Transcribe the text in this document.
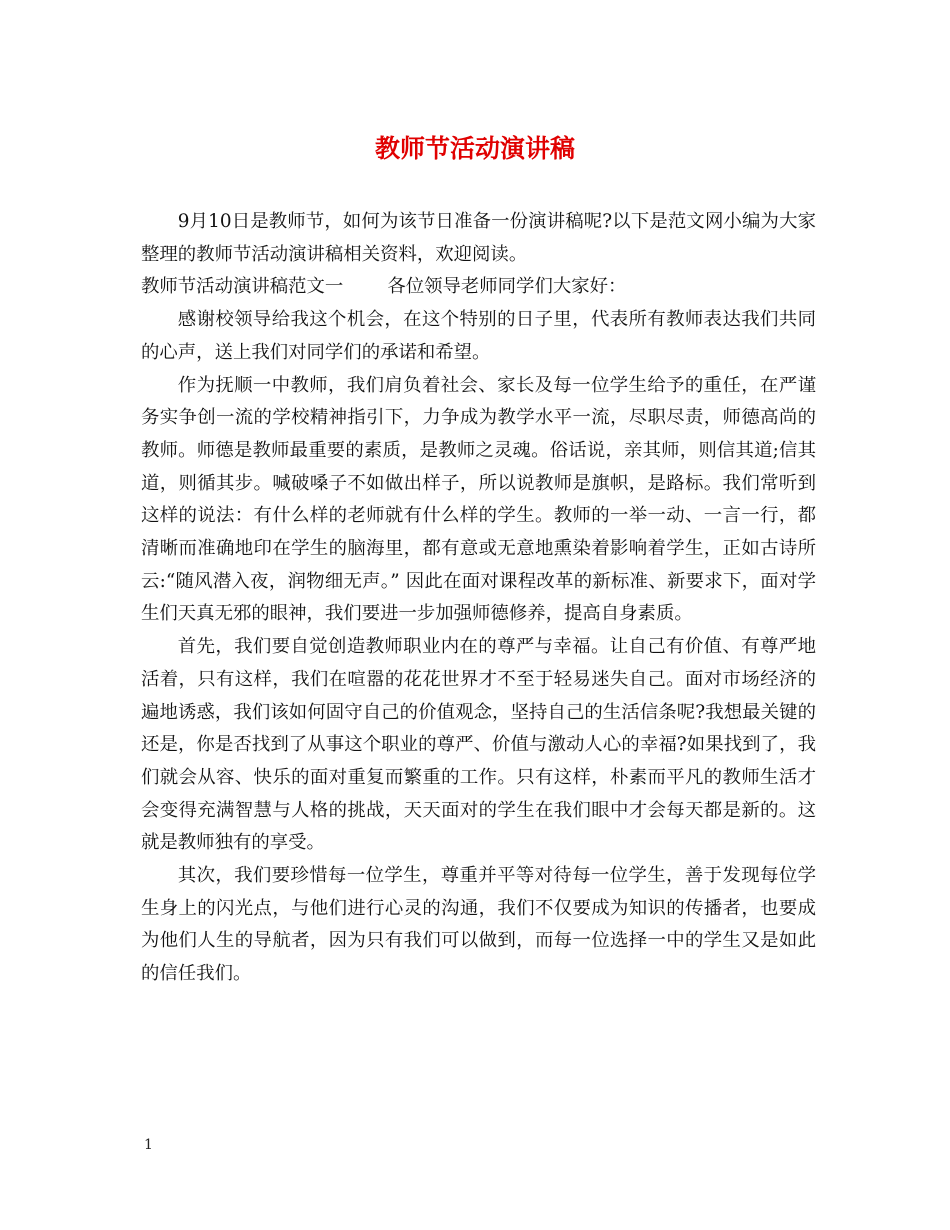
教师节活动演讲稿

9月10日是教师节，如何为该节日准备一份演讲稿呢?以下是范文网小编为大家整理的教师节活动演讲稿相关资料，欢迎阅读。

教师节活动演讲稿范文一 各位领导老师同学们大家好：

感谢校领导给我这个机会，在这个特别的日子里，代表所有教师表达我们共同的心声，送上我们对同学们的承诺和希望。

作为抚顺一中教师，我们肩负着社会、家长及每一位学生给予的重任，在严谨务实争创一流的学校精神指引下，力争成为教学水平一流，尽职尽责，师德高尚的教师。师德是教师最重要的素质，是教师之灵魂。俗话说，亲其师，则信其道;信其道，则循其步。喊破嗓子不如做出样子，所以说教师是旗帜，是路标。我们常听到这样的说法：有什么样的老师就有什么样的学生。教师的一举一动、一言一行，都清晰而准确地印在学生的脑海里，都有意或无意地熏染着影响着学生，正如古诗所云:“随风潜入夜，润物细无声。” 因此在面对课程改革的新标准、新要求下，面对学生们天真无邪的眼神，我们要进一步加强师德修养，提高自身素质。

首先，我们要自觉创造教师职业内在的尊严与幸福。让自己有价值、有尊严地活着，只有这样，我们在喧嚣的花花世界才不至于轻易迷失自己。面对市场经济的遍地诱惑，我们该如何固守自己的价值观念，坚持自己的生活信条呢?我想最关键的还是，你是否找到了从事这个职业的尊严、价值与激动人心的幸福?如果找到了，我们就会从容、快乐的面对重复而繁重的工作。只有这样，朴素而平凡的教师生活才会变得充满智慧与人格的挑战，天天面对的学生在我们眼中才会每天都是新的。这就是教师独有的享受。

其次，我们要珍惜每一位学生，尊重并平等对待每一位学生，善于发现每位学生身上的闪光点，与他们进行心灵的沟通，我们不仅要成为知识的传播者，也要成为他们人生的导航者，因为只有我们可以做到，而每一位选择一中的学生又是如此的信任我们。

1
